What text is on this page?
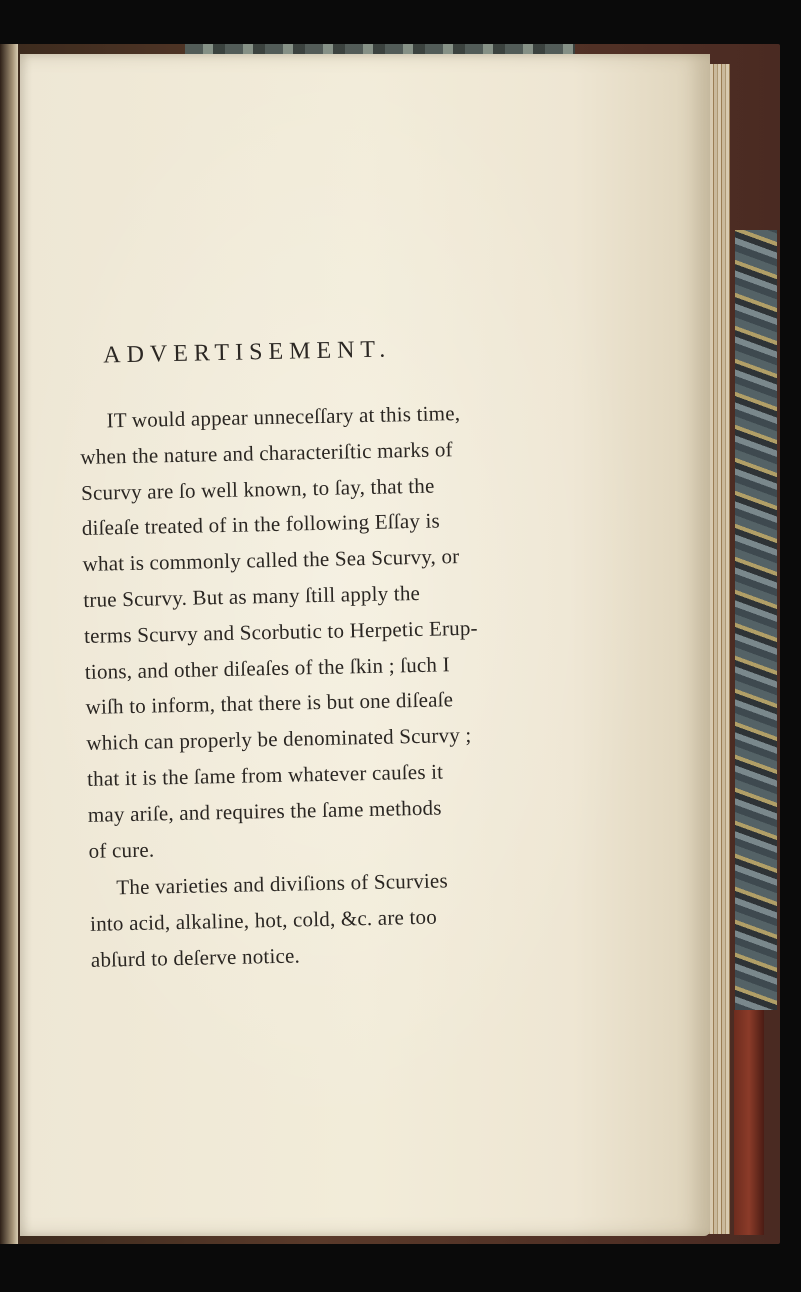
ADVERTISEMENT.
IT would appear unneceſſary at this time,
when the nature and characteriſtic marks of
Scurvy are ſo well known, to ſay, that the
diſeaſe treated of in the following Eſſay is
what is commonly called the Sea Scurvy, or
true Scurvy. But as many ſtill apply the
terms Scurvy and Scorbutic to Herpetic Erup-
tions, and other diſeaſes of the ſkin ; ſuch I
wiſh to inform, that there is but one diſeaſe
which can properly be denominated Scurvy ;
that it is the ſame from whatever cauſes it
may ariſe, and requires the ſame methods
of cure.
The varieties and diviſions of Scurvies
into acid, alkaline, hot, cold, &c. are too
abſurd to deſerve notice.
